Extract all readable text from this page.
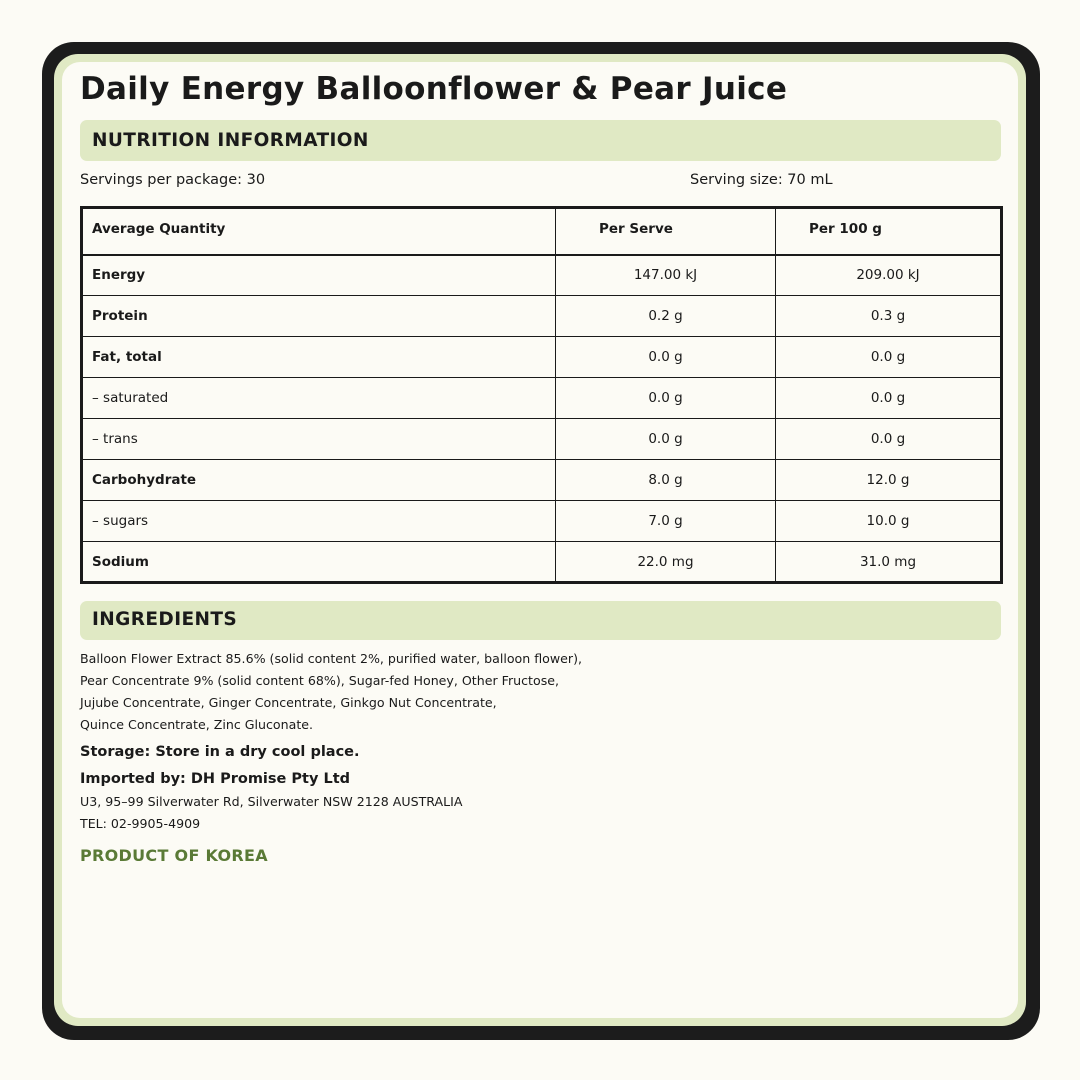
Daily Energy Balloonflower & Pear Juice
NUTRITION INFORMATION
Servings per package: 30	Serving size: 70 mL
Average Quantity	Per Serve	Per 100 g
Energy	147.00 kJ	209.00 kJ
Protein	0.2 g	0.3 g
Fat, total	0.0 g	0.0 g
– saturated	0.0 g	0.0 g
– trans	0.0 g	0.0 g
Carbohydrate	8.0 g	12.0 g
– sugars	7.0 g	10.0 g
Sodium	22.0 mg	31.0 mg
INGREDIENTS
Balloon Flower Extract 85.6% (solid content 2%, purified water, balloon flower),
Pear Concentrate 9% (solid content 68%), Sugar-fed Honey, Other Fructose,
Jujube Concentrate, Ginger Concentrate, Ginkgo Nut Concentrate,
Quince Concentrate, Zinc Gluconate.
Storage: Store in a dry cool place.
Imported by: DH Promise Pty Ltd
U3, 95–99 Silverwater Rd, Silverwater NSW 2128 AUSTRALIA
TEL: 02-9905-4909
PRODUCT OF KOREA
